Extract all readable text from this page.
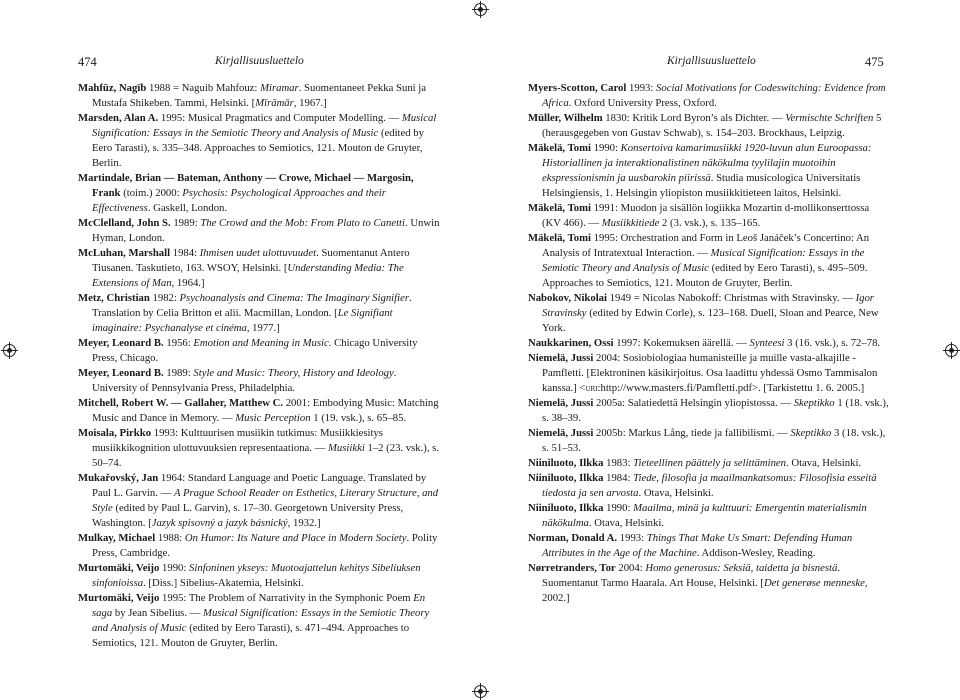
474	Kirjallisuusluettelo

Mahfūz, Nagīb 1988 = Naguib Mahfouz: Miramar. Suomentaneet Pekka Suni ja Mustafa Shikeben. Tammi, Helsinki. [Mīrāmār, 1967.]

Marsden, Alan A. 1995: Musical Pragmatics and Computer Modelling. — Musical Signification: Essays in the Semiotic Theory and Analysis of Music (edited by Eero Tarasti), s. 335–348. Approaches to Semiotics, 121. Mouton de Gruyter, Berlin.

Martindale, Brian — Bateman, Anthony — Crowe, Michael — Margosin, Frank (toim.) 2000: Psychosis: Psychological Approaches and their Effectiveness. Gaskell, London.

McClelland, John S. 1989: The Crowd and the Mob: From Plato to Canetti. Unwin Hyman, London.

McLuhan, Marshall 1984: Ihmisen uudet ulottuvuudet. Suomentanut Antero Tiusanen. Taskutieto, 163. WSOY, Helsinki. [Understanding Media: The Extensions of Man, 1964.]

Metz, Christian 1982: Psychoanalysis and Cinema: The Imaginary Signifier. Translation by Celia Britton et alii. Macmillan, London. [Le Signifiant imaginaire: Psychanalyse et cinéma, 1977.]

Meyer, Leonard B. 1956: Emotion and Meaning in Music. Chicago University Press, Chicago.

Meyer, Leonard B. 1989: Style and Music: Theory, History and Ideology. University of Pennsylvania Press, Philadelphia.

Mitchell, Robert W. — Gallaher, Matthew C. 2001: Embodying Music: Matching Music and Dance in Memory. — Music Perception 1 (19. vsk.), s. 65–85.

Moisala, Pirkko 1993: Kulttuurisen musiikin tutkimus: Musiikkiesitys musiikkikognition ulottuvuuksien representaationa. — Musiikki 1–2 (23. vsk.), s. 50–74.

Mukařovský, Jan 1964: Standard Language and Poetic Language. Translated by Paul L. Garvin. — A Prague School Reader on Esthetics, Literary Structure, and Style (edited by Paul L. Garvin), s. 17–30. Georgetown University Press, Washington. [Jazyk spisovný a jazyk básnický, 1932.]

Mulkay, Michael 1988: On Humor: Its Nature and Place in Modern Society. Polity Press, Cambridge.

Murtomäki, Veijo 1990: Sinfoninen ykseys: Muotoajattelun kehitys Sibeliuksen sinfonioissa. [Diss.] Sibelius-Akatemia, Helsinki.

Murtomäki, Veijo 1995: The Problem of Narrativity in the Symphonic Poem En saga by Jean Sibelius. — Musical Signification: Essays in the Semiotic Theory and Analysis of Music (edited by Eero Tarasti), s. 471–494. Approaches to Semiotics, 121. Mouton de Gruyter, Berlin.

Kirjallisuusluettelo	475

Myers-Scotton, Carol 1993: Social Motivations for Codeswitching: Evidence from Africa. Oxford University Press, Oxford.

Müller, Wilhelm 1830: Kritik Lord Byron’s als Dichter. — Vermischte Schriften 5 (herausgegeben von Gustav Schwab), s. 154–203. Brockhaus, Leipzig.

Mäkelä, Tomi 1990: Konsertoiva kamarimusiikki 1920-luvun alun Euroopassa: Historiallinen ja interaktionalistinen näkökulma tyylilajin muotoihin ekspressionismin ja uusbarokin piirissä. Studia musicologica Universitatis Helsingiensis, 1. Helsingin yliopiston musiikkitieteen laitos, Helsinki.

Mäkelä, Tomi 1991: Muodon ja sisällön logiikka Mozartin d-mollikonserttossa (KV 466). — Musiikkitiede 2 (3. vsk.), s. 135–165.

Mäkelä, Tomi 1995: Orchestration and Form in Leoš Janáček’s Concertino: An Analysis of Intratextual Interaction. — Musical Signification: Essays in the Semiotic Theory and Analysis of Music (edited by Eero Tarasti), s. 495–509. Approaches to Semiotics, 121. Mouton de Gruyter, Berlin.

Nabokov, Nikolai 1949 = Nicolas Nabokoff: Christmas with Stravinsky. — Igor Stravinsky (edited by Edwin Corle), s. 123–168. Duell, Sloan and Pearce, New York.

Naukkarinen, Ossi 1997: Kokemuksen äärellä. — Synteesi 3 (16. vsk.), s. 72–78.

Niemelä, Jussi 2004: Sosiobiologiaa humanisteille ja muille vasta-alkajille - Pamfletti. [Elektroninen käsikirjoitus. Osa laadittu yhdessä Osmo Tammisalon kanssa.] <uri:http://www.masters.fi/Pamfletti.pdf>. [Tarkistettu 1. 6. 2005.]

Niemelä, Jussi 2005a: Salatiedettä Helsingin yliopistossa. — Skeptikko 1 (18. vsk.), s. 38–39.

Niemelä, Jussi 2005b: Markus Lång, tiede ja fallibilismi. — Skeptikko 3 (18. vsk.), s. 51–53.

Niiniluoto, Ilkka 1983: Tieteellinen päättely ja selittäminen. Otava, Helsinki.

Niiniluoto, Ilkka 1984: Tiede, filosofia ja maailmankatsomus: Filosofisia esseitä tiedosta ja sen arvosta. Otava, Helsinki.

Niiniluoto, Ilkka 1990: Maailma, minä ja kulttuuri: Emergentin materialismin näkökulma. Otava, Helsinki.

Norman, Donald A. 1993: Things That Make Us Smart: Defending Human Attributes in the Age of the Machine. Addison-Wesley, Reading.

Nørretranders, Tor 2004: Homo generosus: Seksiä, taidetta ja bisnestä. Suomentanut Tarmo Haarala. Art House, Helsinki. [Det generøse menneske, 2002.]
